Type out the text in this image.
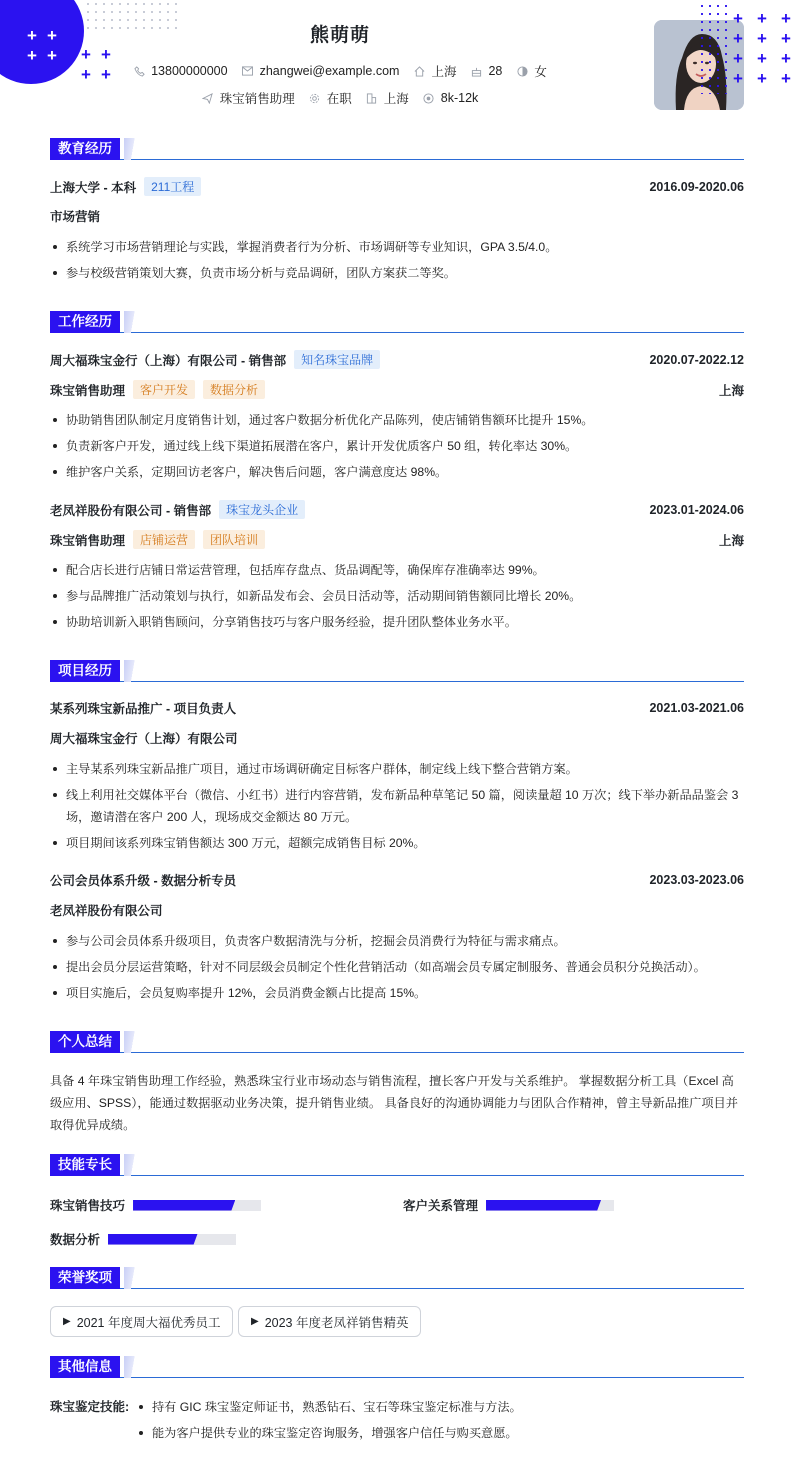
+ +
+ + + +
+ +
+ + +
+ + +
+ + +
+ + +
熊萌萌
13800000000	zhangwei@example.com	上海	28	女
珠宝销售助理	在职	上海	8k-12k
教育经历
上海大学 - 本科	211工程	2016.09-2020.06
市场营销
系统学习市场营销理论与实践，掌握消费者行为分析、市场调研等专业知识，GPA 3.5/4.0。
参与校级营销策划大赛，负责市场分析与竞品调研，团队方案获二等奖。
工作经历
周大福珠宝金行（上海）有限公司 - 销售部	知名珠宝品牌	2020.07-2022.12
珠宝销售助理	客户开发	数据分析	上海
协助销售团队制定月度销售计划，通过客户数据分析优化产品陈列，使店铺销售额环比提升 15%。
负责新客户开发，通过线上线下渠道拓展潜在客户，累计开发优质客户 50 组，转化率达 30%。
维护客户关系，定期回访老客户，解决售后问题，客户满意度达 98%。
老凤祥股份有限公司 - 销售部	珠宝龙头企业	2023.01-2024.06
珠宝销售助理	店铺运营	团队培训	上海
配合店长进行店铺日常运营管理，包括库存盘点、货品调配等，确保库存准确率达 99%。
参与品牌推广活动策划与执行，如新品发布会、会员日活动等，活动期间销售额同比增长 20%。
协助培训新入职销售顾问，分享销售技巧与客户服务经验，提升团队整体业务水平。
项目经历
某系列珠宝新品推广 - 项目负责人	2021.03-2021.06
周大福珠宝金行（上海）有限公司
主导某系列珠宝新品推广项目，通过市场调研确定目标客户群体，制定线上线下整合营销方案。
线上利用社交媒体平台（微信、小红书）进行内容营销，发布新品种草笔记 50 篇，阅读量超 10 万次；线下举办新品品鉴会 3 场，邀请潜在客户 200 人，现场成交金额达 80 万元。
项目期间该系列珠宝销售额达 300 万元，超额完成销售目标 20%。
公司会员体系升级 - 数据分析专员	2023.03-2023.06
老凤祥股份有限公司
参与公司会员体系升级项目，负责客户数据清洗与分析，挖掘会员消费行为特征与需求痛点。
提出会员分层运营策略，针对不同层级会员制定个性化营销活动（如高端会员专属定制服务、普通会员积分兑换活动）。
项目实施后，会员复购率提升 12%，会员消费金额占比提高 15%。
个人总结
具备 4 年珠宝销售助理工作经验，熟悉珠宝行业市场动态与销售流程，擅长客户开发与关系维护。 掌握数据分析工具（Excel 高级应用、SPSS），能通过数据驱动业务决策，提升销售业绩。 具备良好的沟通协调能力与团队合作精神，曾主导新品推广项目并取得优异成绩。
技能专长
珠宝销售技巧	客户关系管理
数据分析
荣誉奖项
▶ 2021 年度周大福优秀员工	▶ 2023 年度老凤祥销售精英
其他信息
珠宝鉴定技能:	持有 GIC 珠宝鉴定师证书，熟悉钻石、宝石等珠宝鉴定标准与方法。
能为客户提供专业的珠宝鉴定咨询服务，增强客户信任与购买意愿。
